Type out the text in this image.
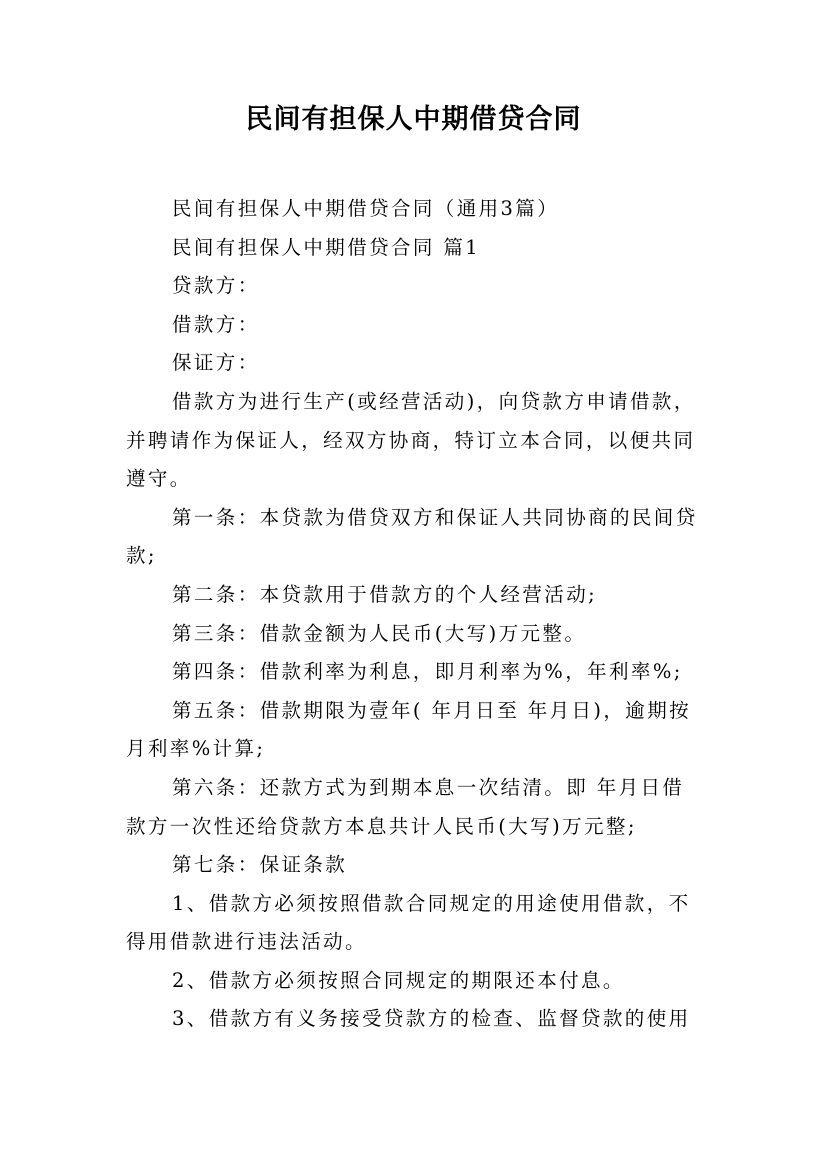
民间有担保人中期借贷合同

民间有担保人中期借贷合同（通用3篇）

民间有担保人中期借贷合同 篇1

贷款方：

借款方：

保证方：

借款方为进行生产(或经营活动)，向贷款方申请借款，并聘请作为保证人，经双方协商，特订立本合同，以便共同遵守。

第一条：本贷款为借贷双方和保证人共同协商的民间贷款;

第二条：本贷款用于借款方的个人经营活动;

第三条：借款金额为人民币(大写)万元整。

第四条：借款利率为利息，即月利率为%，年利率%;

第五条：借款期限为壹年( 年月日至 年月日)，逾期按月利率%计算;

第六条：还款方式为到期本息一次结清。即 年月日借款方一次性还给贷款方本息共计人民币(大写)万元整;

第七条：保证条款

1、借款方必须按照借款合同规定的用途使用借款，不得用借款进行违法活动。

2、借款方必须按照合同规定的期限还本付息。

3、借款方有义务接受贷款方的检查、监督贷款的使用
